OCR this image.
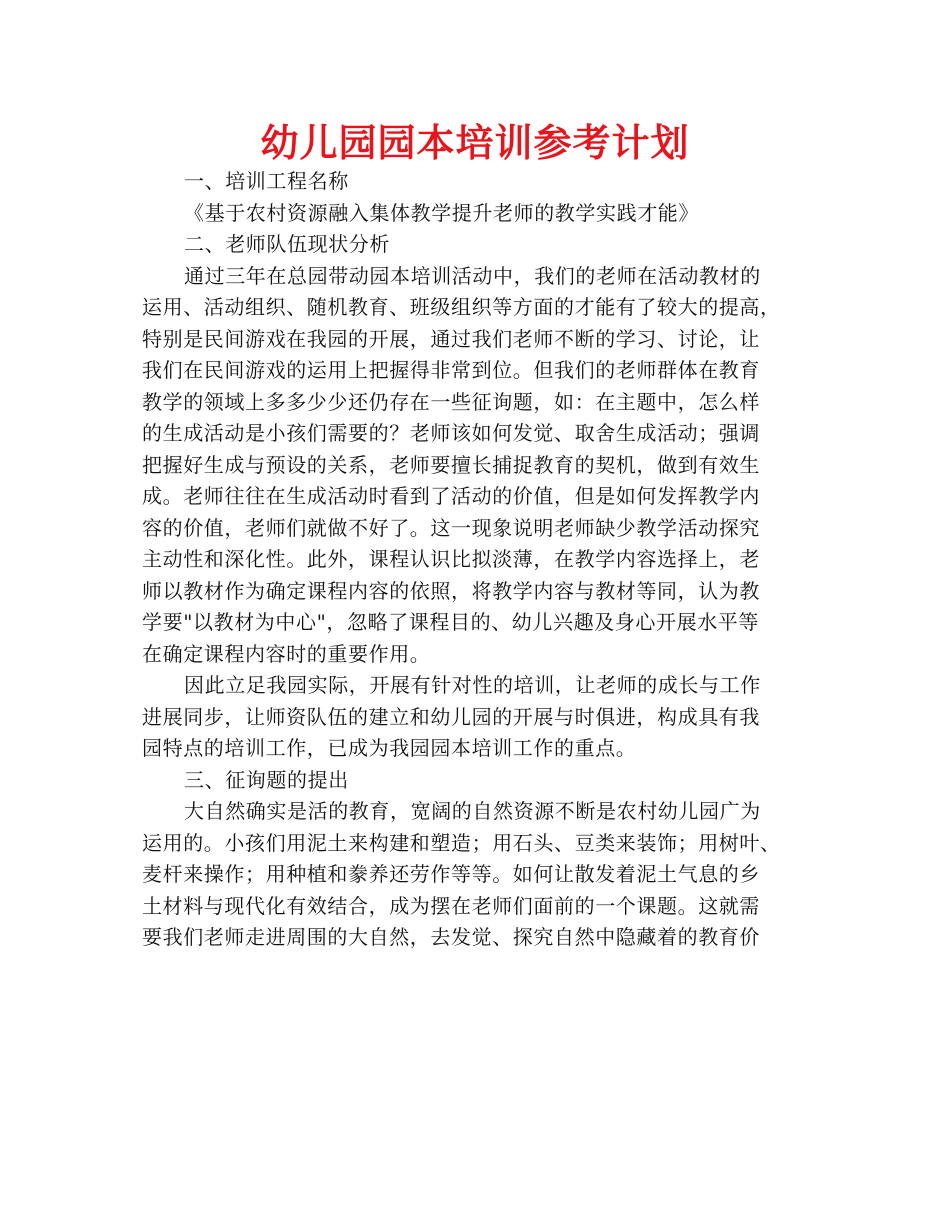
幼儿园园本培训参考计划
一、培训工程名称
《基于农村资源融入集体教学提升老师的教学实践才能》
二、老师队伍现状分析
通过三年在总园带动园本培训活动中，我们的老师在活动教材的
运用、活动组织、随机教育、班级组织等方面的才能有了较大的提高，
特别是民间游戏在我园的开展，通过我们老师不断的学习、讨论，让
我们在民间游戏的运用上把握得非常到位。但我们的老师群体在教育
教学的领域上多多少少还仍存在一些征询题，如：在主题中，怎么样
的生成活动是小孩们需要的？老师该如何发觉、取舍生成活动；强调
把握好生成与预设的关系，老师要擅长捕捉教育的契机，做到有效生
成。老师往往在生成活动时看到了活动的价值，但是如何发挥教学内
容的价值，老师们就做不好了。这一现象说明老师缺少教学活动探究
主动性和深化性。此外，课程认识比拟淡薄，在教学内容选择上，老
师以教材作为确定课程内容的依照，将教学内容与教材等同，认为教
学要"以教材为中心"，忽略了课程目的、幼儿兴趣及身心开展水平等
在确定课程内容时的重要作用。
因此立足我园实际，开展有针对性的培训，让老师的成长与工作
进展同步，让师资队伍的建立和幼儿园的开展与时俱进，构成具有我
园特点的培训工作，已成为我园园本培训工作的重点。
三、征询题的提出
大自然确实是活的教育，宽阔的自然资源不断是农村幼儿园广为
运用的。小孩们用泥土来构建和塑造；用石头、豆类来装饰；用树叶、
麦杆来操作；用种植和豢养还劳作等等。如何让散发着泥土气息的乡
土材料与现代化有效结合，成为摆在老师们面前的一个课题。这就需
要我们老师走进周围的大自然，去发觉、探究自然中隐藏着的教育价
